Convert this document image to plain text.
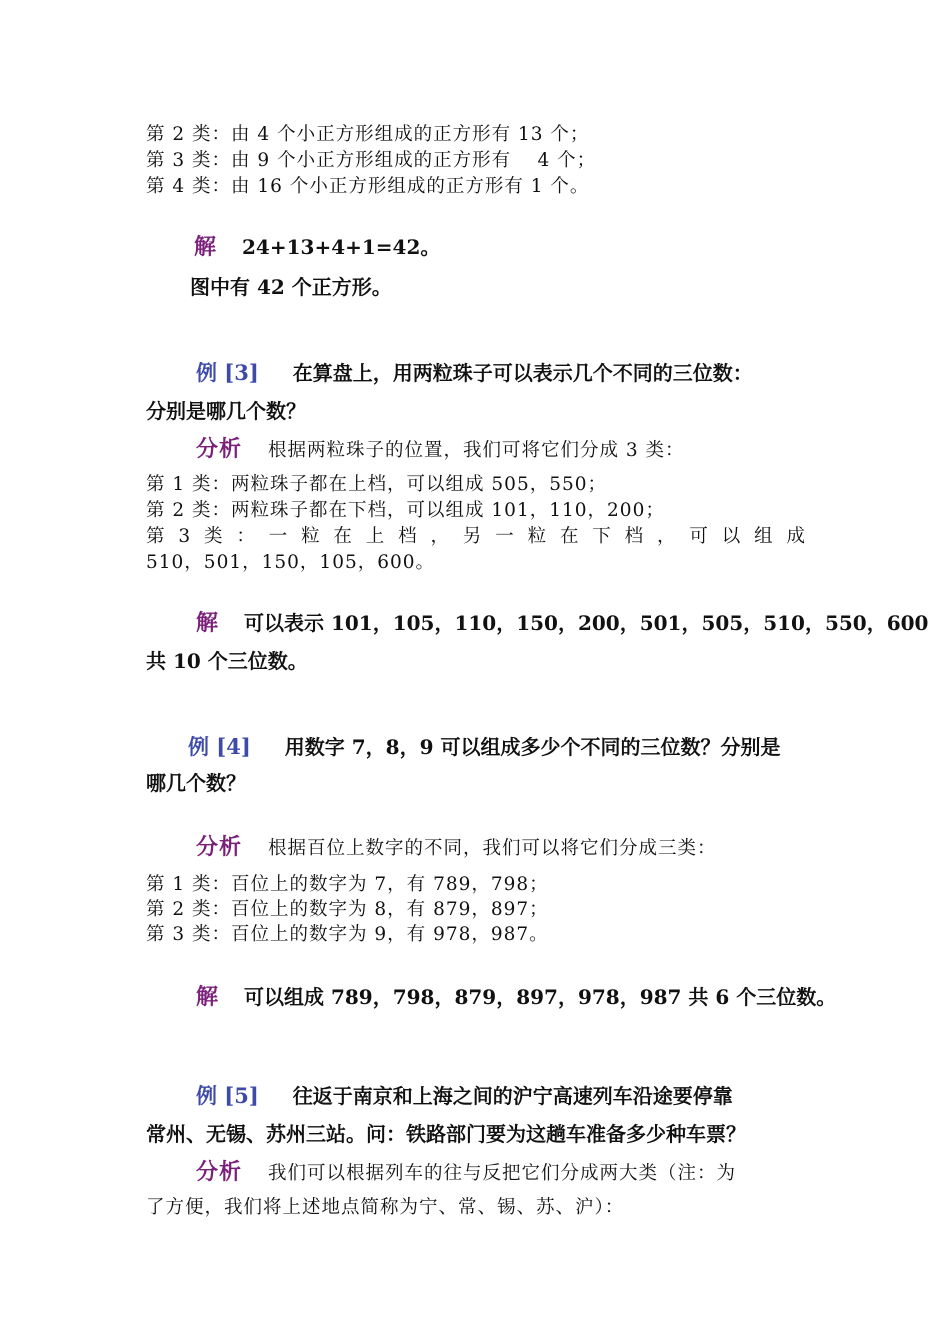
第 2 类：由 4 个小正方形组成的正方形有 13 个；
第 3 类：由 9 个小正方形组成的正方形有　 4 个；
第 4 类：由 16 个小正方形组成的正方形有 1 个。
解 24+13+4+1=42。
图中有 42 个正方形。
例 [3] 在算盘上，用两粒珠子可以表示几个不同的三位数：
分别是哪几个数？
分析 根据两粒珠子的位置，我们可将它们分成 3 类：
第 1 类：两粒珠子都在上档，可以组成 505，550；
第 2 类：两粒珠子都在下档，可以组成 101，110，200；
第 3 类 ： 一 粒 在 上 档 ， 另 一 粒 在 下 档 ， 可 以 组 成
510，501，150，105，600。
解 可以表示 101，105，110，150，200，501，505，510，550，600
共 10 个三位数。
例 [4] 用数字 7，8，9 可以组成多少个不同的三位数？分别是
哪几个数？
分析 根据百位上数字的不同，我们可以将它们分成三类：
第 1 类：百位上的数字为 7，有 789，798；
第 2 类：百位上的数字为 8，有 879，897；
第 3 类：百位上的数字为 9，有 978，987。
解 可以组成 789，798，879，897，978，987 共 6 个三位数。
例 [5] 往返于南京和上海之间的沪宁高速列车沿途要停靠
常州、无锡、苏州三站。问：铁路部门要为这趟车准备多少种车票？
分析 我们可以根据列车的往与反把它们分成两大类（注：为
了方便，我们将上述地点简称为宁、常、锡、苏、沪）：
